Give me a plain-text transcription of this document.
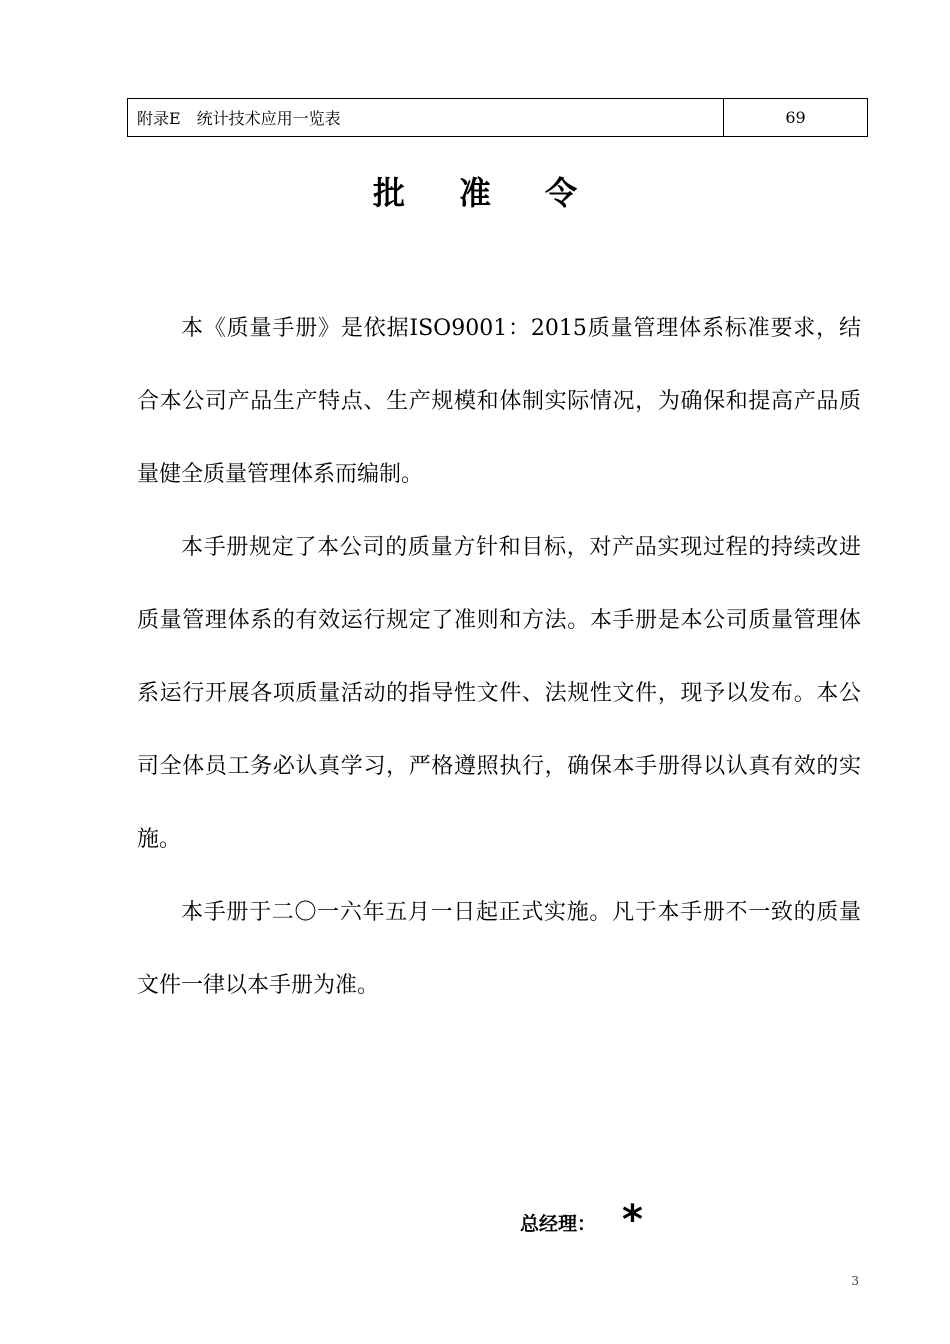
附录E　统计技术应用一览表	69
批准令

本《质量手册》是依据ISO9001：2015质量管理体系标准要求，结合本公司产品生产特点、生产规模和体制实际情况，为确保和提高产品质量健全质量管理体系而编制。

本手册规定了本公司的质量方针和目标，对产品实现过程的持续改进质量管理体系的有效运行规定了准则和方法。本手册是本公司质量管理体系运行开展各项质量活动的指导性文件、法规性文件，现予以发布。本公司全体员工务必认真学习，严格遵照执行，确保本手册得以认真有效的实施。

本手册于二〇一六年五月一日起正式实施。凡于本手册不一致的质量文件一律以本手册为准。

总经理： *
3
